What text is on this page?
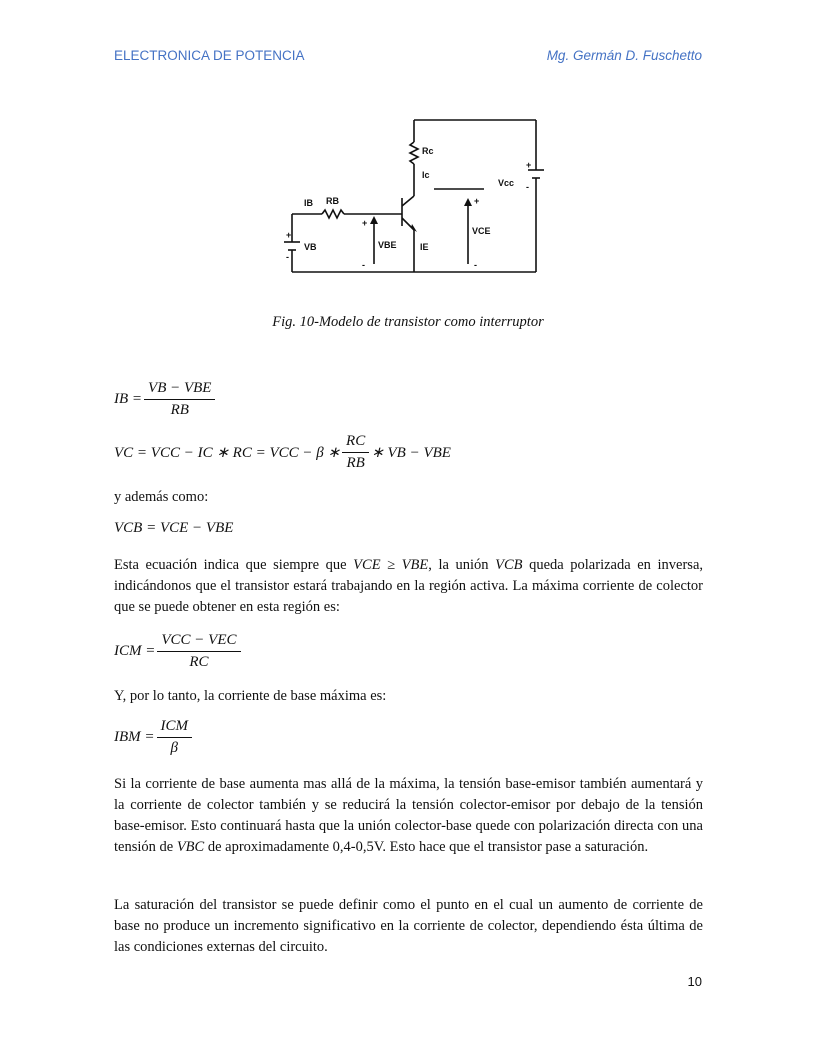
ELECTRONICA DE POTENCIA	Mg. Germán D. Fuschetto
Rc
Ic
Vcc
+
-
IB RB
VB
+
-
VBE
+
-
IE
VCE
+
-
Fig. 10-Modelo de transistor como interruptor
IB = $\frac{\text{VB − VBE}}{RB}$
VC = VCC − IC ∗ RC = VCC − β ∗ $\frac{RC}{RB}$ ∗ VB − VBE

y además como:

VCB = VCE − VBE

Esta ecuación indica que siempre que VCE ≥ VBE, la unión VCB queda polarizada en inversa, indicándonos que el transistor estará trabajando en la región activa. La máxima corriente de colector que se puede obtener en esta región es:

ICM = $\frac{\text{VCC − VEC}}{RC}$

Y, por lo tanto, la corriente de base máxima es:

IBM = $\frac{\text{ICM}}{\beta}$

Si la corriente de base aumenta mas allá de la máxima, la tensión base-emisor también aumentará y la corriente de colector también y se reducirá la tensión colector-emisor por debajo de la tensión base-emisor. Esto continuará hasta que la unión colector-base quede con polarización directa con una tensión de VBC de aproximadamente 0,4-0,5V. Esto hace que el transistor pase a saturación.

La saturación del transistor se puede definir como el punto en el cual un aumento de corriente de base no produce un incremento significativo en la corriente de colector, dependiendo ésta última de las condiciones externas del circuito.

10
